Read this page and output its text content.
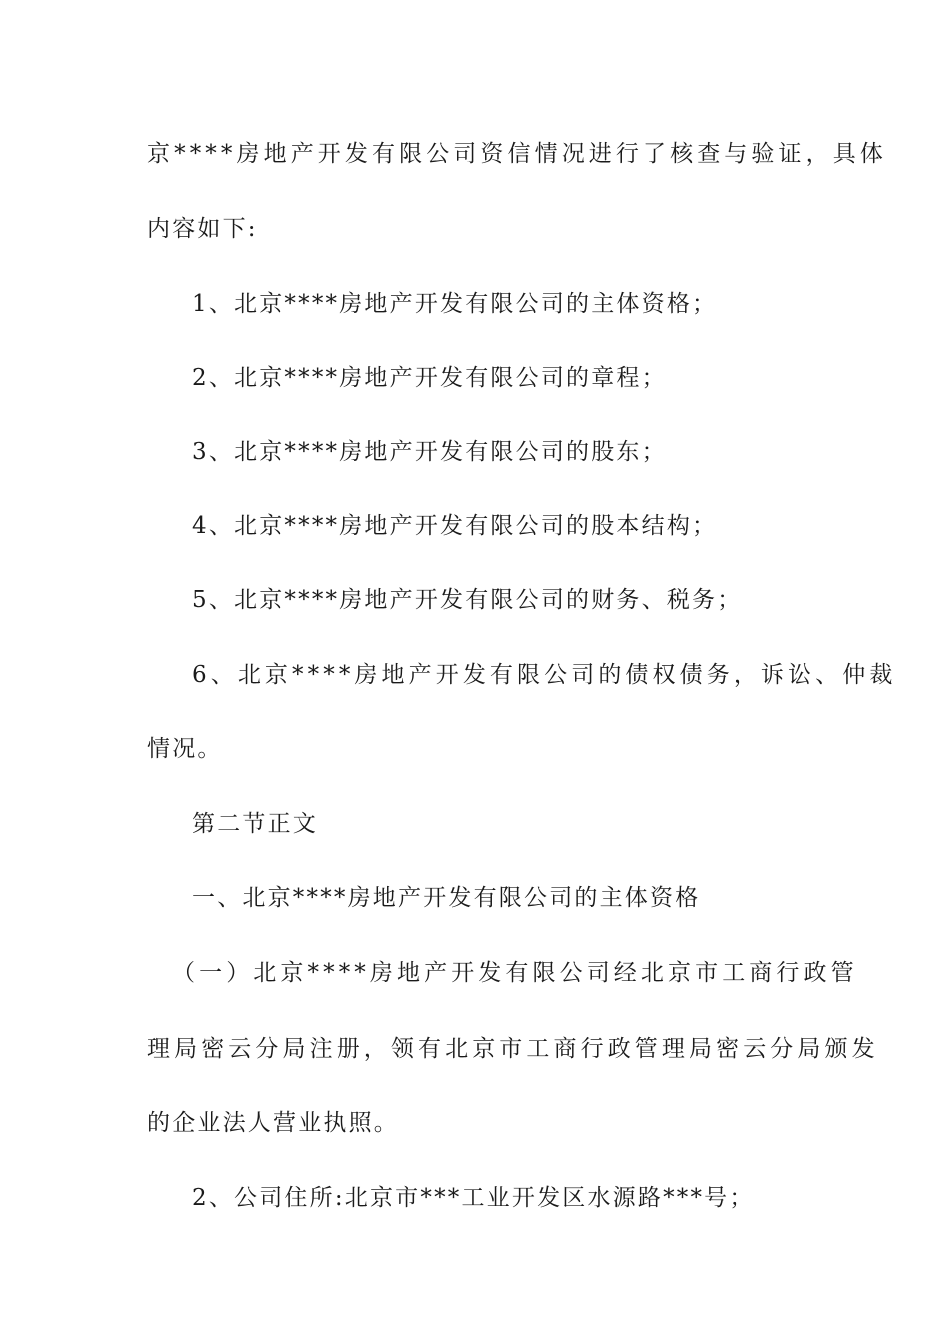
京****房地产开发有限公司资信情况进行了核查与验证，具体
内容如下:
1、北京****房地产开发有限公司的主体资格；
2、北京****房地产开发有限公司的章程；
3、北京****房地产开发有限公司的股东；
4、北京****房地产开发有限公司的股本结构；
5、北京****房地产开发有限公司的财务、税务；
6、北京****房地产开发有限公司的债权债务，诉讼、仲裁
情况。
第二节正文
一、北京****房地产开发有限公司的主体资格
（一）北京****房地产开发有限公司经北京市工商行政管
理局密云分局注册，领有北京市工商行政管理局密云分局颁发
的企业法人营业执照。
2、公司住所:北京市***工业开发区水源路***号；
